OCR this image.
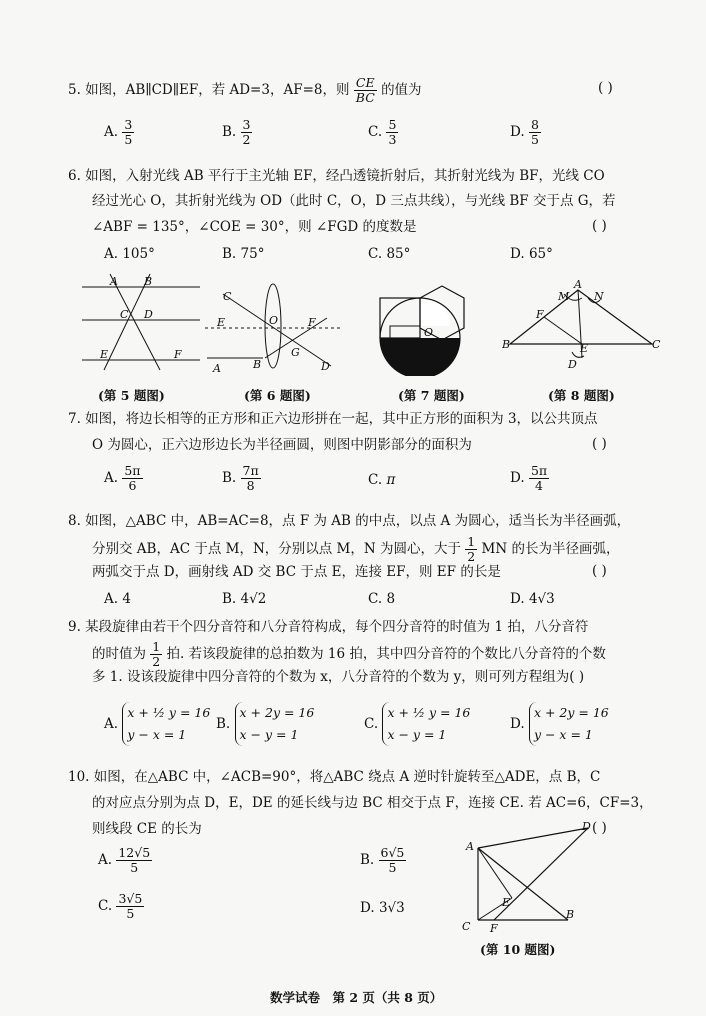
5. 如图，AB∥CD∥EF，若 AD=3，AF=8，则 $\frac{CE}{BC}$ 的值为	( )
A. $\frac{3}{5}$	B. $\frac{3}{2}$	C. $\frac{5}{3}$	D. $\frac{8}{5}$
6. 如图，入射光线 AB 平行于主光轴 EF，经凸透镜折射后，其折射光线为 BF，光线 CO
经过光心 O，其折射光线为 OD（此时 C，O，D 三点共线），与光线 BF 交于点 G，若
∠ABF = 135°，∠COE = 30°，则 ∠FGD 的度数是	( )
A. 105°	B. 75°	C. 85°	D. 65°
A B
C D
E	F
(第 5 题图)
C
E	O	F
B
G
A	D
(第 6 题图)
O
(第 7 题图)
A
M N
F
B	C
E
D
(第 8 题图)
7. 如图，将边长相等的正方形和正六边形拼在一起，其中正方形的面积为 3，以公共顶点
O 为圆心，正六边形边长为半径画圆，则图中阴影部分的面积为	( )
A. $\frac{5\pi}{6}$	B. $\frac{7\pi}{8}$	C. π	D. $\frac{5\pi}{4}$
8. 如图，△ABC 中，AB=AC=8，点 F 为 AB 的中点，以点 A 为圆心，适当长为半径画弧，
分别交 AB，AC 于点 M，N，分别以点 M，N 为圆心，大于 $\frac{1}{2}$ MN 的长为半径画弧，
两弧交于点 D，画射线 AD 交 BC 于点 E，连接 EF，则 EF 的长是	( )
A. 4	B. 4√2	C. 8	D. 4√3
9. 某段旋律由若干个四分音符和八分音符构成，每个四分音符的时值为 1 拍，八分音符
的时值为 $\frac{1}{2}$ 拍. 若该段旋律的总拍数为 16 拍，其中四分音符的个数比八分音符的个数
多 1. 设该段旋律中四分音符的个数为 x，八分音符的个数为 y，则可列方程组为( )
A. x + ½ y = 16
y − x = 1
B. x + 2y = 16
x − y = 1
C. x + ½ y = 16
x − y = 1
D. x + 2y = 16
y − x = 1
10. 如图，在△ABC 中，∠ACB=90°，将△ABC 绕点 A 逆时针旋转至△ADE，点 B，C
的对应点分别为点 D，E，DE 的延长线与边 BC 相交于点 F，连接 CE. 若 AC=6，CF=3，
则线段 CE 的长为	( )
A. $\frac{12√5}{5}$	B. $\frac{6√5}{5}$
C. $\frac{3√5}{5}$	D. 3√3
A
D
E
C F
B
(第 10 题图)
数学试卷　第 2 页（共 8 页）
